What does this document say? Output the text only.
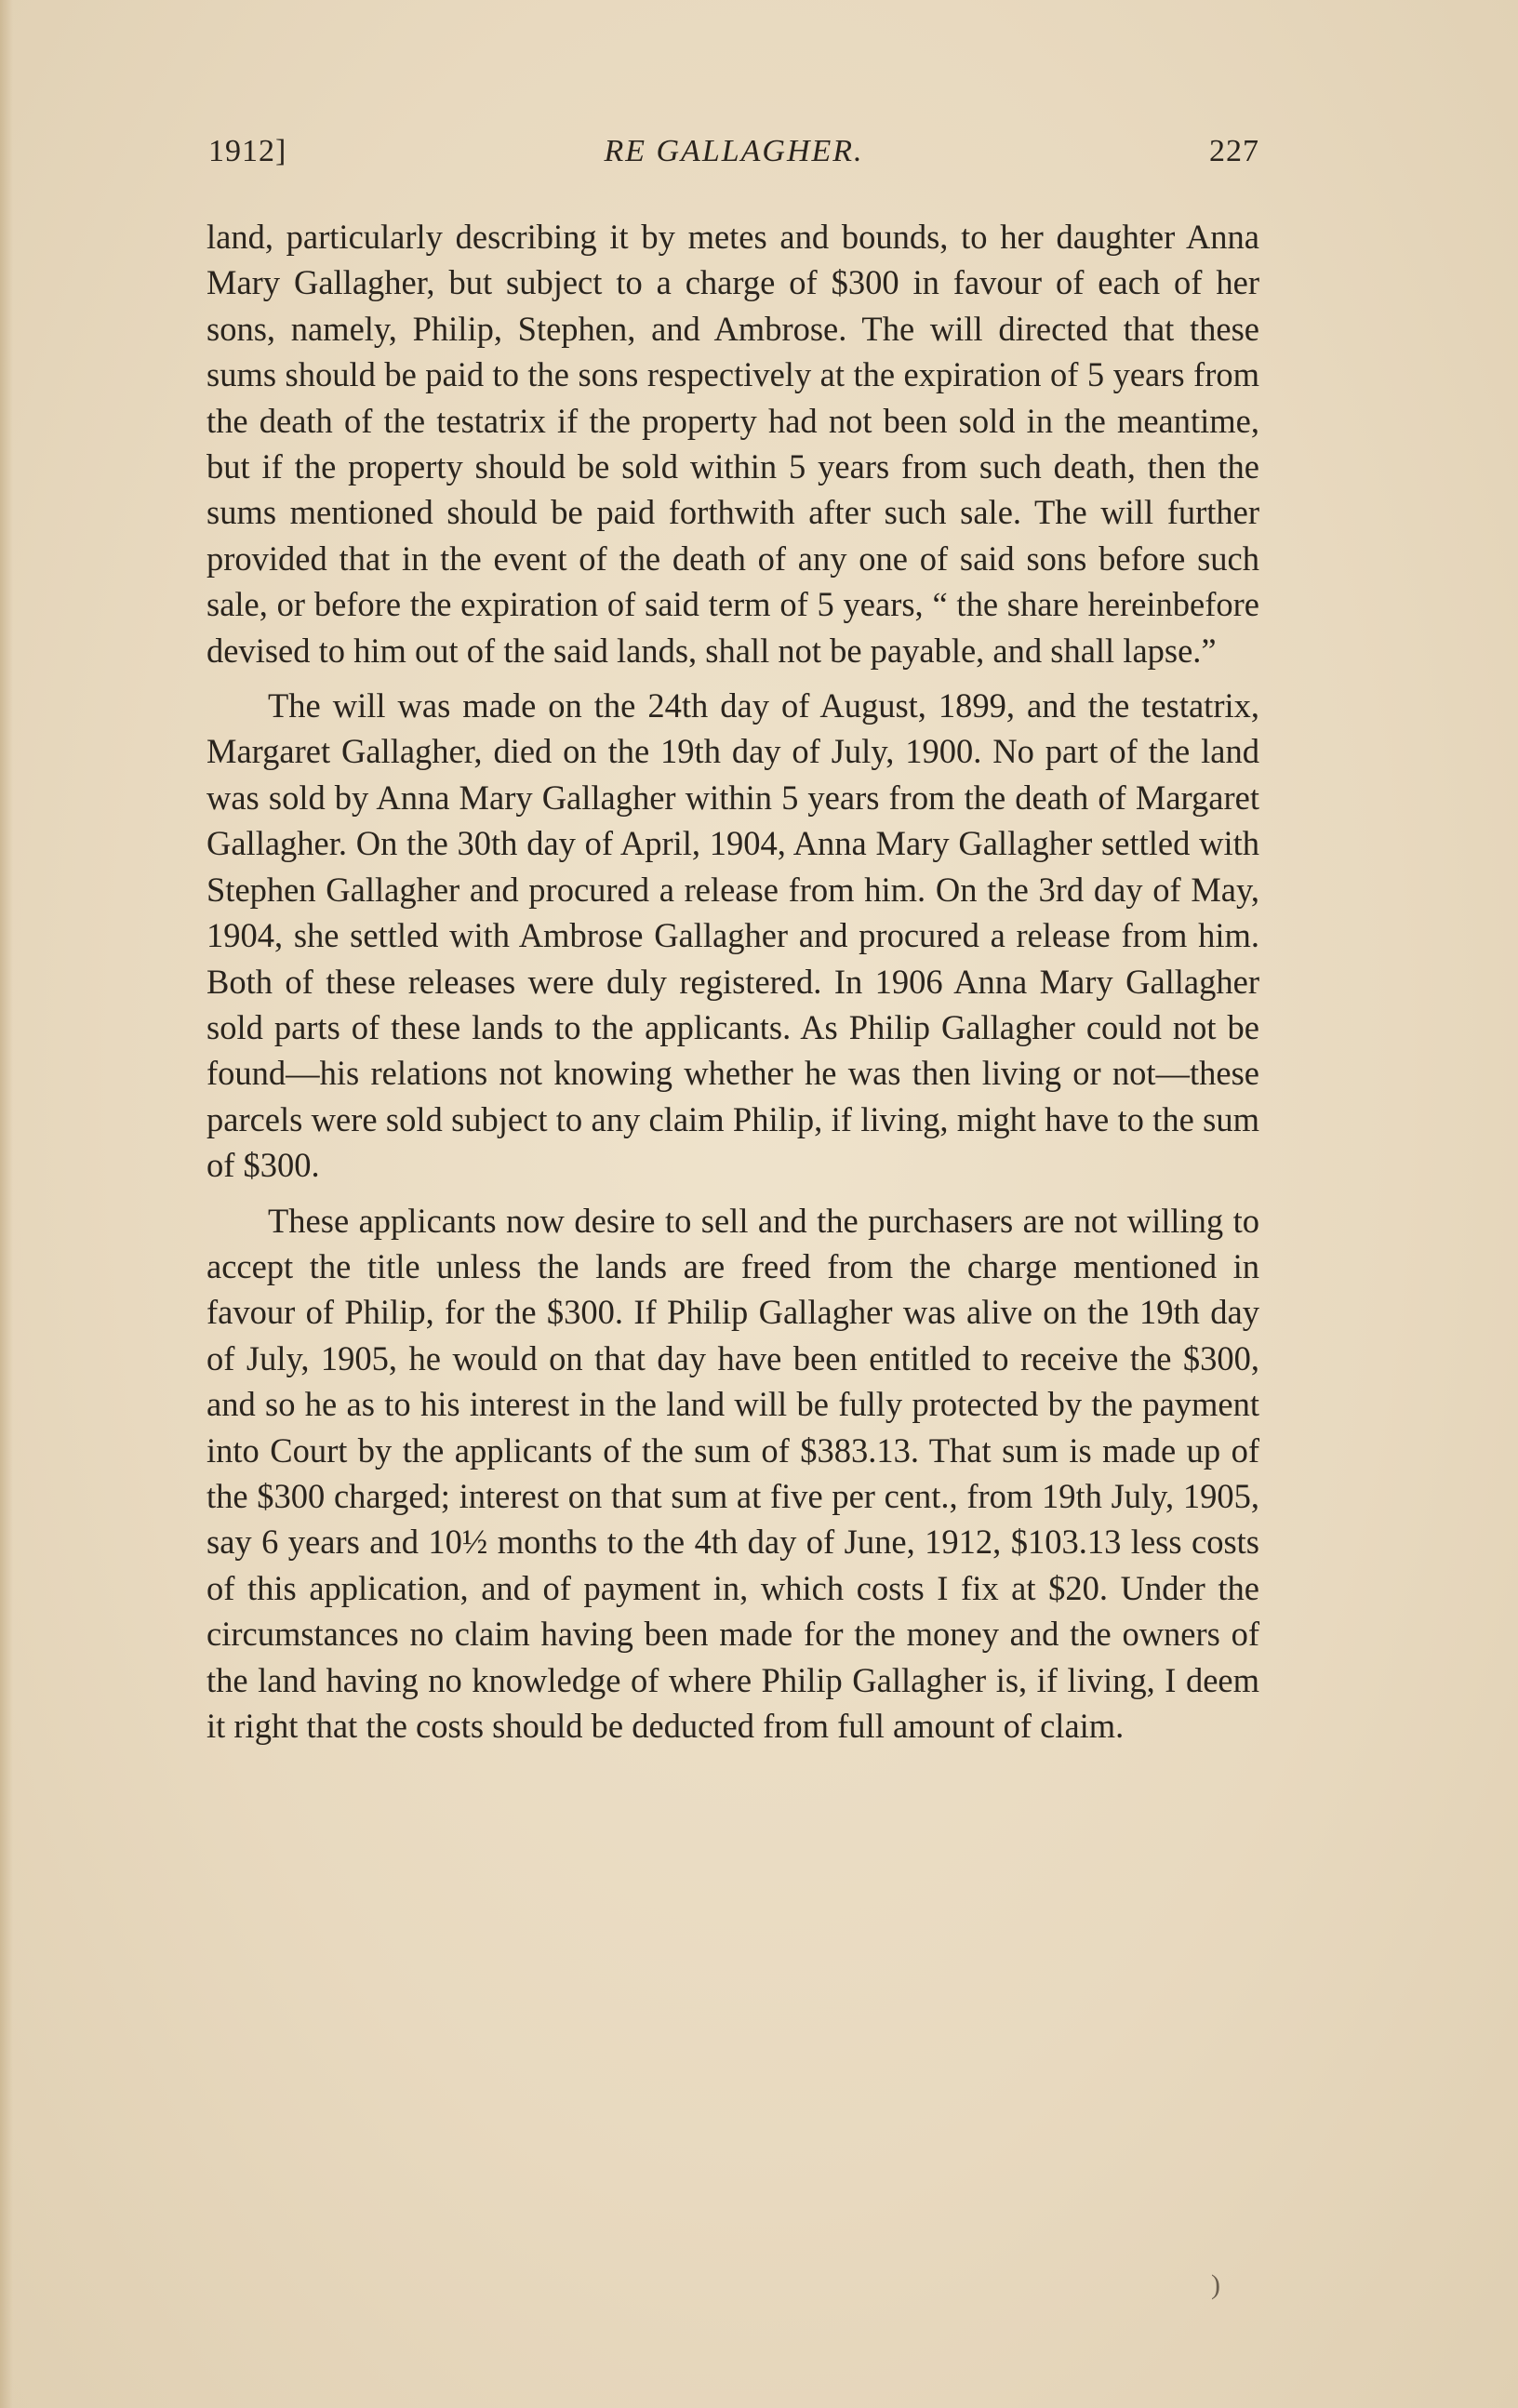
1912]	RE GALLAGHER.	227

land, particularly describing it by metes and bounds, to her daughter Anna Mary Gallagher, but subject to a charge of $300 in favour of each of her sons, namely, Philip, Stephen, and Ambrose. The will directed that these sums should be paid to the sons respectively at the expiration of 5 years from the death of the testatrix if the property had not been sold in the meantime, but if the property should be sold within 5 years from such death, then the sums mentioned should be paid forthwith after such sale. The will further provided that in the event of the death of any one of said sons before such sale, or before the expiration of said term of 5 years, “ the share hereinbefore devised to him out of the said lands, shall not be payable, and shall lapse.”

The will was made on the 24th day of August, 1899, and the testatrix, Margaret Gallagher, died on the 19th day of July, 1900. No part of the land was sold by Anna Mary Gallagher within 5 years from the death of Margaret Gallagher. On the 30th day of April, 1904, Anna Mary Gallagher settled with Stephen Gallagher and procured a release from him. On the 3rd day of May, 1904, she settled with Ambrose Gallagher and procured a release from him. Both of these releases were duly registered. In 1906 Anna Mary Gallagher sold parts of these lands to the applicants. As Philip Gallagher could not be found—his relations not knowing whether he was then living or not—these parcels were sold subject to any claim Philip, if living, might have to the sum of $300.

These applicants now desire to sell and the purchasers are not willing to accept the title unless the lands are freed from the charge mentioned in favour of Philip, for the $300. If Philip Gallagher was alive on the 19th day of July, 1905, he would on that day have been entitled to receive the $300, and so he as to his interest in the land will be fully protected by the payment into Court by the applicants of the sum of $383.13. That sum is made up of the $300 charged; interest on that sum at five per cent., from 19th July, 1905, say 6 years and 10½ months to the 4th day of June, 1912, $103.13 less costs of this application, and of payment in, which costs I fix at $20. Under the circumstances no claim having been made for the money and the owners of the land having no knowledge of where Philip Gallagher is, if living, I deem it right that the costs should be deducted from full amount of claim.

)
